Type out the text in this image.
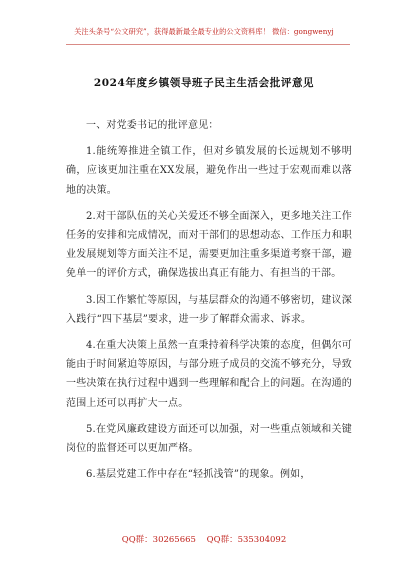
关注头条号“公文研究”，获得最新最全最专业的公文资料库！ 微信：gongwenyj
2024年度乡镇领导班子民主生活会批评意见

一、对党委书记的批评意见：

1.能统筹推进全镇工作，但对乡镇发展的长远规划不够明确，应该更加注重在XX发展，避免作出一些过于宏观而难以落地的决策。

2.对干部队伍的关心关爱还不够全面深入，更多地关注工作任务的安排和完成情况，而对干部们的思想动态、工作压力和职业发展规划等方面关注不足，需要更加注重多渠道考察干部，避免单一的评价方式，确保选拔出真正有能力、有担当的干部。

3.因工作繁忙等原因，与基层群众的沟通不够密切，建议深入践行“四下基层”要求，进一步了解群众需求、诉求。

4.在重大决策上虽然一直秉持着科学决策的态度，但偶尔可能由于时间紧迫等原因，与部分班子成员的交流不够充分，导致一些决策在执行过程中遇到一些理解和配合上的问题。在沟通的范围上还可以再扩大一点。

5.在党风廉政建设方面还可以加强，对一些重点领域和关键岗位的监督还可以更加严格。

6.基层党建工作中存在“轻抓浅管”的现象。例如，

QQ群：30265665 QQ群：535304092
